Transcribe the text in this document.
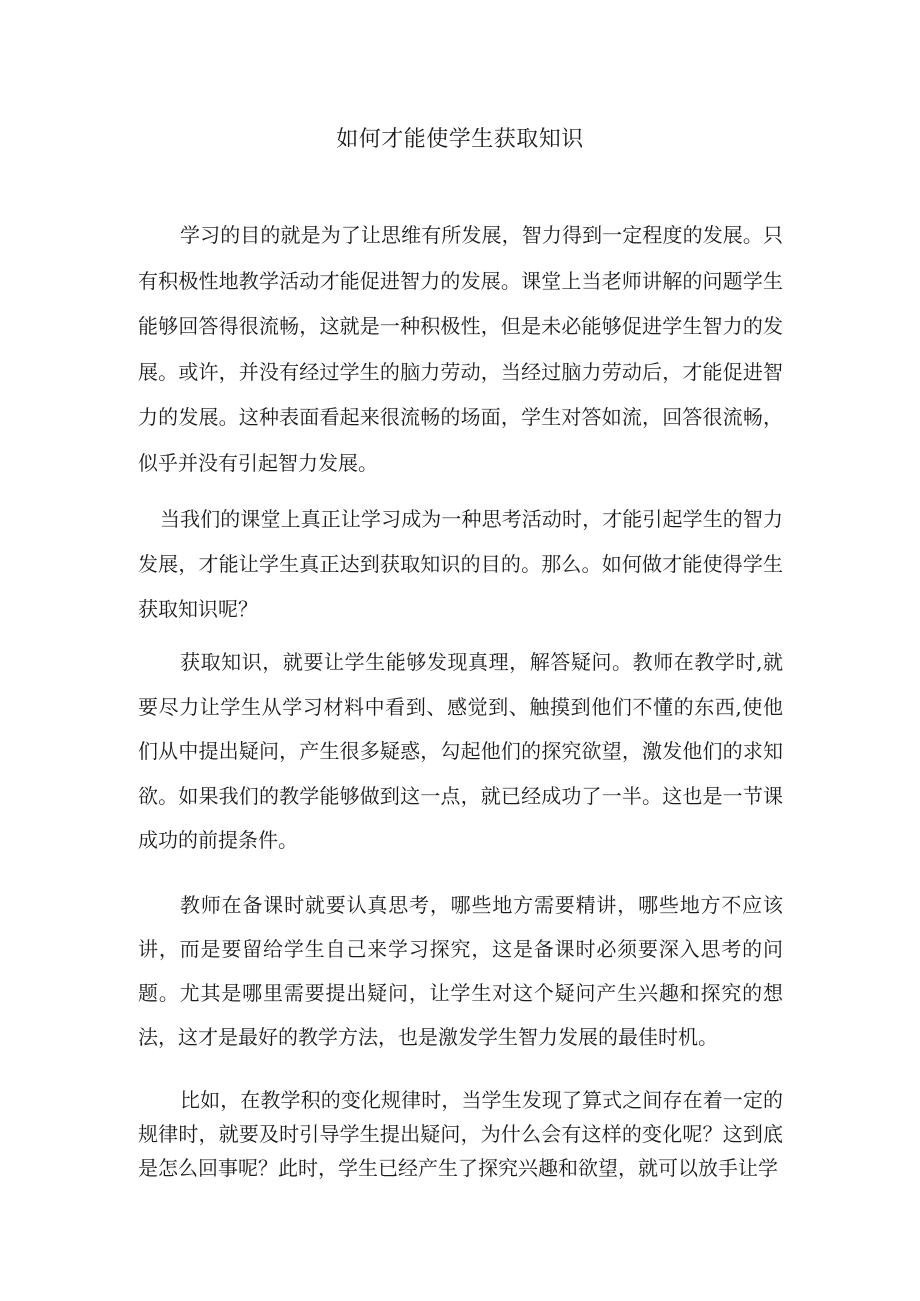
如何才能使学生获取知识

学习的目的就是为了让思维有所发展，智力得到一定程度的发展。只有积极性地教学活动才能促进智力的发展。课堂上当老师讲解的问题学生能够回答得很流畅，这就是一种积极性，但是未必能够促进学生智力的发展。或许，并没有经过学生的脑力劳动，当经过脑力劳动后，才能促进智力的发展。这种表面看起来很流畅的场面，学生对答如流，回答很流畅，似乎并没有引起智力发展。

当我们的课堂上真正让学习成为一种思考活动时，才能引起学生的智力发展，才能让学生真正达到获取知识的目的。那么。如何做才能使得学生获取知识呢？

获取知识，就要让学生能够发现真理，解答疑问。教师在教学时,就要尽力让学生从学习材料中看到、感觉到、触摸到他们不懂的东西,使他们从中提出疑问，产生很多疑惑，勾起他们的探究欲望，激发他们的求知欲。如果我们的教学能够做到这一点，就已经成功了一半。这也是一节课成功的前提条件。

教师在备课时就要认真思考，哪些地方需要精讲，哪些地方不应该讲，而是要留给学生自己来学习探究，这是备课时必须要深入思考的问题。尤其是哪里需要提出疑问，让学生对这个疑问产生兴趣和探究的想法，这才是最好的教学方法，也是激发学生智力发展的最佳时机。

比如，在教学积的变化规律时，当学生发现了算式之间存在着一定的规律时，就要及时引导学生提出疑问，为什么会有这样的变化呢？这到底是怎么回事呢？此时，学生已经产生了探究兴趣和欲望，就可以放手让学
